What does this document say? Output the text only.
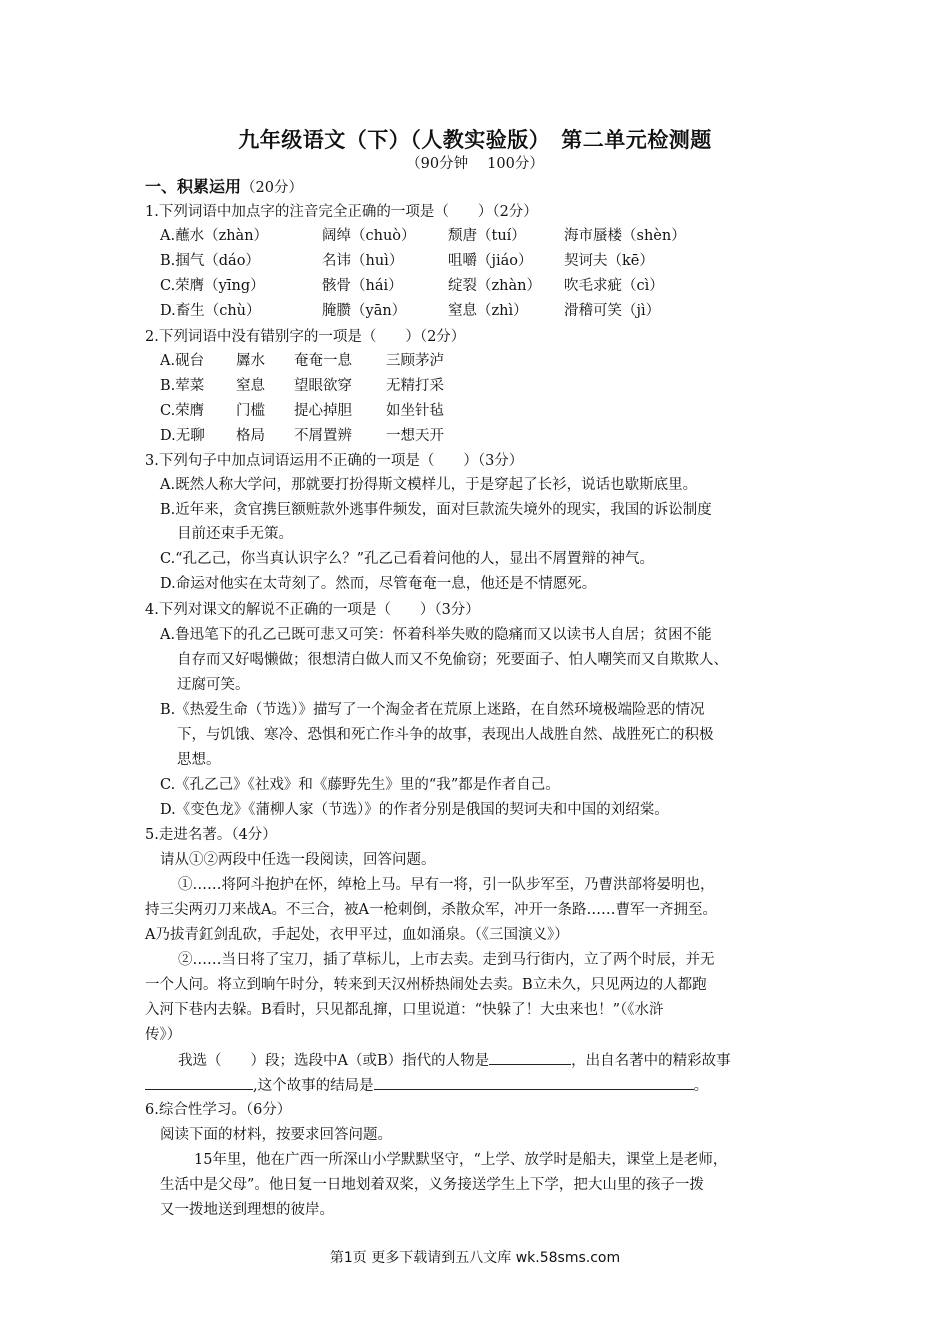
九年级语文（下）（人教实验版）　第二单元检测题
（90分钟　 100分）
一、积累运用（20分）
1.下列词语中加点字的注音完全正确的一项是（　　）（2分）
A.蘸水（zhàn）	阔绰（chuò） 颓唐（tuí）	海市蜃楼（shèn）
B.掴气（dáo）	名讳（huì）	咀嚼（jiáo） 契诃夫（kē）
C.荣膺（yīng）	骸骨（hái）	绽裂（zhàn） 吹毛求疵（cì）
D.畜生（chù）	腌臜（yān）	窒息（zhì）	滑稽可笑（jì）
2.下列词语中没有错别字的一项是（　　）（2分）
A.砚台 羼水 奄奄一息 三顾茅泸
B.荤菜 窒息 望眼欲穿 无精打采
C.荣膺 门槛 提心掉胆 如坐针毡
D.无聊 格局 不屑置辨 一想天开
3.下列句子中加点词语运用不正确的一项是（　　）（3分）
A.既然人称大学问，那就要打扮得斯文模样儿，于是穿起了长衫，说话也歇斯底里。
B.近年来，贪官携巨额赃款外逃事件频发，面对巨款流失境外的现实，我国的诉讼制度
目前还束手无策。
C.“孔乙己，你当真认识字么？”孔乙己看着问他的人，显出不屑置辩的神气。
D.命运对他实在太苛刻了。然而，尽管奄奄一息，他还是不情愿死。
4.下列对课文的解说不正确的一项是（　　）（3分）
A.鲁迅笔下的孔乙己既可悲又可笑：怀着科举失败的隐痛而又以读书人自居；贫困不能
自存而又好喝懒做；很想清白做人而又不免偷窃；死要面子、怕人嘲笑而又自欺欺人、
迂腐可笑。
B.《热爱生命（节选）》描写了一个淘金者在荒原上迷路，在自然环境极端险恶的情况
下，与饥饿、寒冷、恐惧和死亡作斗争的故事，表现出人战胜自然、战胜死亡的积极
思想。
C.《孔乙己》《社戏》和《藤野先生》里的“我”都是作者自己。
D.《变色龙》《蒲柳人家（节选）》的作者分别是俄国的契诃夫和中国的刘绍棠。
5.走进名著。（4分）
请从①②两段中任选一段阅读，回答问题。
①……将阿斗抱护在怀，绰枪上马。早有一将，引一队步军至，乃曹洪部将晏明也，
持三尖两刃刀来战A。不三合，被A一枪刺倒，杀散众军，冲开一条路……曹军一齐拥至。
A乃拔青釭剑乱砍，手起处，衣甲平过，血如涌泉。（《三国演义》）
②……当日将了宝刀，插了草标儿，上市去卖。走到马行街内，立了两个时辰，并无
一个人问。将立到晌午时分，转来到天汉州桥热闹处去卖。B立未久，只见两边的人都跑
入河下巷内去躲。B看时，只见都乱撺，口里说道：“快躲了！大虫来也！”（《水浒
传》）
我选（　　）段；选段中A（或B）指代的人物是	，出自名著中的精彩故事
,这个故事的结局是	。
6.综合性学习。（6分）
阅读下面的材料，按要求回答问题。
15年里，他在广西一所深山小学默默坚守，“上学、放学时是船夫，课堂上是老师，
生活中是父母”。他日复一日地划着双桨，义务接送学生上下学，把大山里的孩子一拨
又一拨地送到理想的彼岸。
第1页 更多下载请到五八文库 wk.58sms.com
